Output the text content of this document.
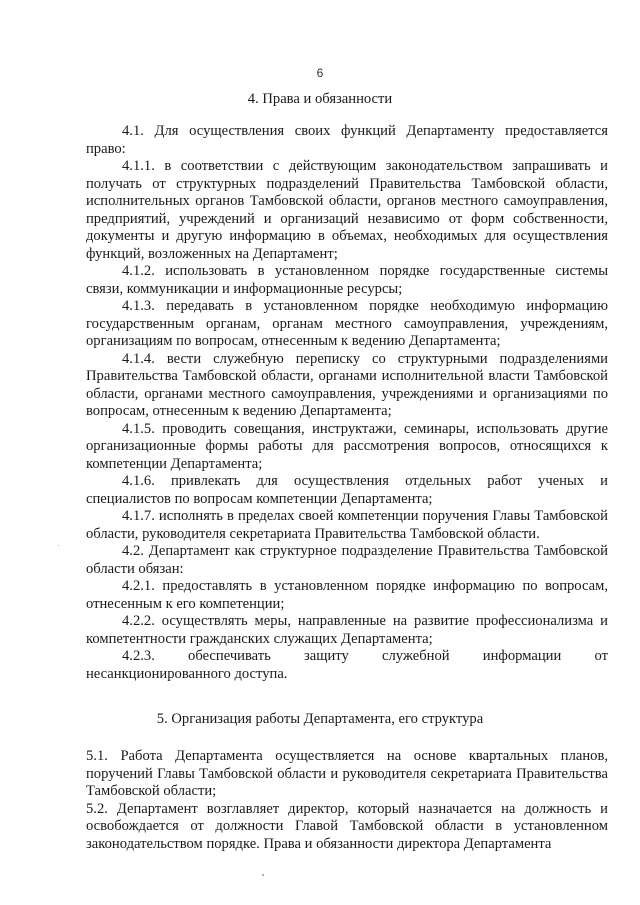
6
4. Права и обязанности

4.1. Для осуществления своих функций Департаменту предоставляется право:

4.1.1. в соответствии с действующим законодательством запрашивать и получать от структурных подразделений Правительства Тамбовской области, исполнительных органов Тамбовской области, органов местного самоуправления, предприятий, учреждений и организаций независимо от форм собственности, документы и другую информацию в объемах, необходимых для осуществления функций, возложенных на Департамент;

4.1.2. использовать в установленном порядке государственные системы связи, коммуникации и информационные ресурсы;

4.1.3. передавать в установленном порядке необходимую информацию государственным органам, органам местного самоуправления, учреждениям, организациям по вопросам, отнесенным к ведению Департамента;

4.1.4. вести служебную переписку со структурными подразделениями Правительства Тамбовской области, органами исполнительной власти Тамбовской области, органами местного самоуправления, учреждениями и организациями по вопросам, отнесенным к ведению Департамента;

4.1.5. проводить совещания, инструктажи, семинары, использовать другие организационные формы работы для рассмотрения вопросов, относящихся к компетенции Департамента;

4.1.6. привлекать для осуществления отдельных работ ученых и специалистов по вопросам компетенции Департамента;

4.1.7. исполнять в пределах своей компетенции поручения Главы Тамбовской области, руководителя секретариата Правительства Тамбовской области.

4.2. Департамент как структурное подразделение Правительства Тамбовской области обязан:

4.2.1. предоставлять в установленном порядке информацию по вопросам, отнесенным к его компетенции;

4.2.2. осуществлять меры, направленные на развитие профессионализма и компетентности гражданских служащих Департамента;

4.2.3. обеспечивать защиту служебной информации от несанкционированного доступа.

5. Организация работы Департамента, его структура

5.1. Работа Департамента осуществляется на основе квартальных планов, поручений Главы Тамбовской области и руководителя секретариата Правительства Тамбовской области;

5.2. Департамент возглавляет директор, который назначается на должность и освобождается от должности Главой Тамбовской области в установленном законодательством порядке. Права и обязанности директора Департамента
